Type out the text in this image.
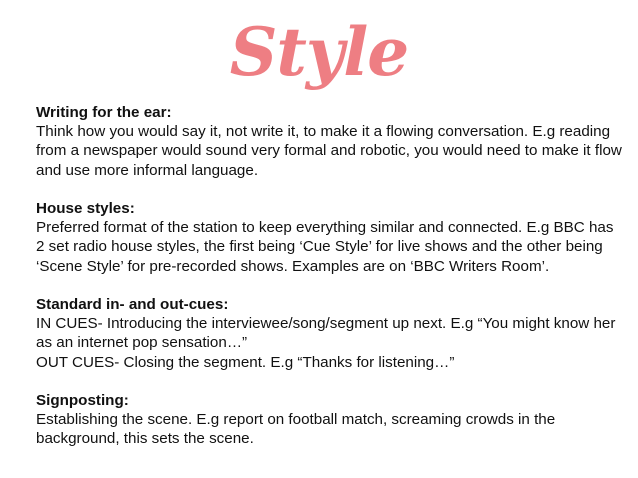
Style

Writing for the ear:

Think how you would say it, not write it, to make it a flowing conversation. E.g reading from a newspaper would sound very formal and robotic, you would need to make it flow and use more informal language.

House styles:

Preferred format of the station to keep everything similar and connected. E.g BBC has 2 set radio house styles, the first being ‘Cue Style’ for live shows and the other being ‘Scene Style’ for pre-recorded shows. Examples are on ‘BBC Writers Room’.

Standard in- and out-cues:

IN CUES- Introducing the interviewee/song/segment up next. E.g “You might know her as an internet pop sensation…”

OUT CUES- Closing the segment. E.g “Thanks for listening…”

Signposting:

Establishing the scene. E.g report on football match, screaming crowds in the background, this sets the scene.
